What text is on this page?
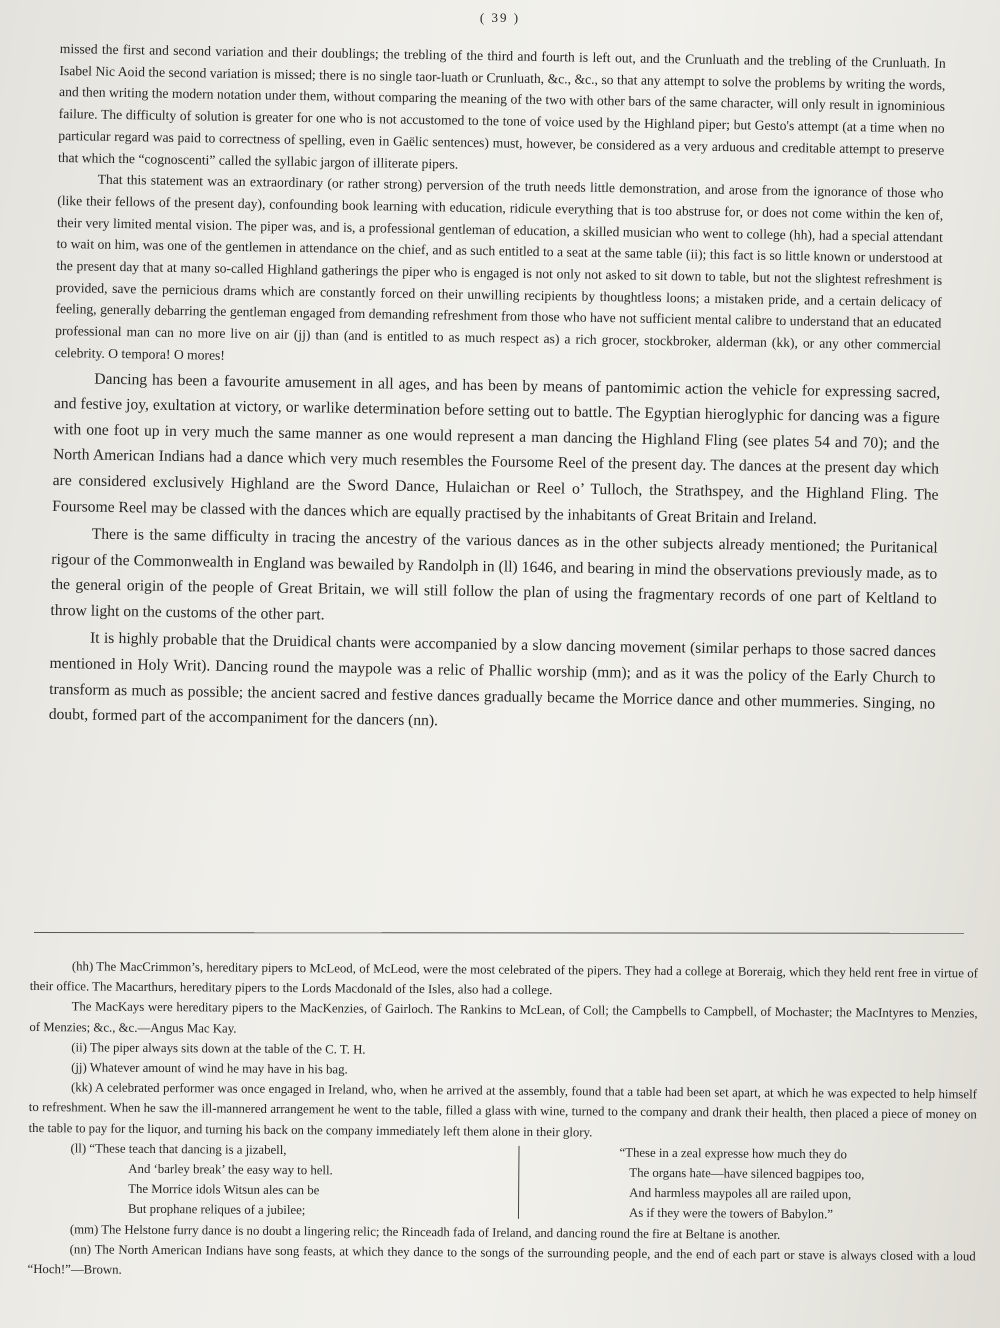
( 39 )

missed the first and second variation and their doublings; the trebling of the third and fourth is left out, and the Crunluath and the trebling of the Crunluath. In Isabel Nic Aoid the second variation is missed; there is no single taor-luath or Crunluath, &c., &c., so that any attempt to solve the problems by writing the words, and then writing the modern notation under them, without comparing the meaning of the two with other bars of the same character, will only result in ignominious failure. The difficulty of solution is greater for one who is not accustomed to the tone of voice used by the Highland piper; but Gesto's attempt (at a time when no particular regard was paid to correctness of spelling, even in Gaëlic sentences) must, however, be considered as a very arduous and creditable attempt to preserve that which the “cognoscenti” called the syllabic jargon of illiterate pipers.

That this statement was an extraordinary (or rather strong) perversion of the truth needs little demonstration, and arose from the ignorance of those who (like their fellows of the present day), confounding book learning with education, ridicule everything that is too abstruse for, or does not come within the ken of, their very limited mental vision. The piper was, and is, a professional gentleman of education, a skilled musician who went to college (hh), had a special attendant to wait on him, was one of the gentlemen in attendance on the chief, and as such entitled to a seat at the same table (ii); this fact is so little known or understood at the present day that at many so-called Highland gatherings the piper who is engaged is not only not asked to sit down to table, but not the slightest refreshment is provided, save the pernicious drams which are constantly forced on their unwilling recipients by thoughtless loons; a mistaken pride, and a certain delicacy of feeling, generally debarring the gentleman engaged from demanding refreshment from those who have not sufficient mental calibre to understand that an educated professional man can no more live on air (jj) than (and is entitled to as much respect as) a rich grocer, stockbroker, alderman (kk), or any other commercial celebrity. O tempora! O mores!

Dancing has been a favourite amusement in all ages, and has been by means of pantomimic action the vehicle for expressing sacred, and festive joy, exultation at victory, or warlike determination before setting out to battle. The Egyptian hieroglyphic for dancing was a figure with one foot up in very much the same manner as one would represent a man dancing the Highland Fling (see plates 54 and 70); and the North American Indians had a dance which very much resembles the Foursome Reel of the present day. The dances at the present day which are considered exclusively Highland are the Sword Dance, Hulaichan or Reel o’ Tulloch, the Strathspey, and the Highland Fling. The Foursome Reel may be classed with the dances which are equally practised by the inhabitants of Great Britain and Ireland.

There is the same difficulty in tracing the ancestry of the various dances as in the other subjects already mentioned; the Puritanical rigour of the Commonwealth in England was bewailed by Randolph in (ll) 1646, and bearing in mind the observations previously made, as to the general origin of the people of Great Britain, we will still follow the plan of using the fragmentary records of one part of Keltland to throw light on the customs of the other part.

It is highly probable that the Druidical chants were accompanied by a slow dancing movement (similar perhaps to those sacred dances mentioned in Holy Writ). Dancing round the maypole was a relic of Phallic worship (mm); and as it was the policy of the Early Church to transform as much as possible; the ancient sacred and festive dances gradually became the Morrice dance and other mummeries. Singing, no doubt, formed part of the accompaniment for the dancers (nn).

(hh) The MacCrimmon’s, hereditary pipers to McLeod, of McLeod, were the most celebrated of the pipers. They had a college at Boreraig, which they held rent free in virtue of their office. The Macarthurs, hereditary pipers to the Lords Macdonald of the Isles, also had a college.

The MacKays were hereditary pipers to the MacKenzies, of Gairloch. The Rankins to McLean, of Coll; the Campbells to Campbell, of Mochaster; the MacIntyres to Menzies, of Menzies; &c., &c.—Angus Mac Kay.

(ii) The piper always sits down at the table of the C. T. H.

(jj) Whatever amount of wind he may have in his bag.

(kk) A celebrated performer was once engaged in Ireland, who, when he arrived at the assembly, found that a table had been set apart, at which he was expected to help himself to refreshment. When he saw the ill-mannered arrangement he went to the table, filled a glass with wine, turned to the company and drank their health, then placed a piece of money on the table to pay for the liquor, and turning his back on the company immediately left them alone in their glory.

(ll) “These teach that dancing is a jizabell,
And ‘barley break’ the easy way to hell.
The Morrice idols Witsun ales can be
But prophane reliques of a jubilee;
“These in a zeal expresse how much they do
The organs hate—have silenced bagpipes too,
And harmless maypoles all are railed upon,
As if they were the towers of Babylon.”

(mm) The Helstone furry dance is no doubt a lingering relic; the Rinceadh fada of Ireland, and dancing round the fire at Beltane is another.

(nn) The North American Indians have song feasts, at which they dance to the songs of the surrounding people, and the end of each part or stave is always closed with a loud “Hoch!”—Brown.
